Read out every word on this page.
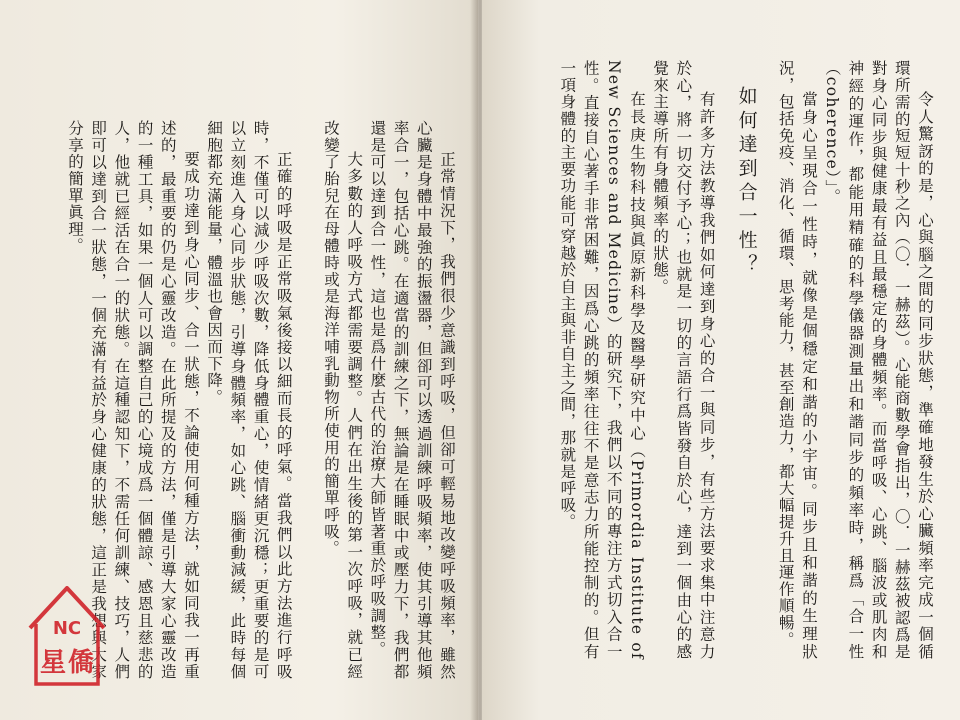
正常情況下，我們很少意識到呼吸，但卻可輕易地改變呼吸頻率，雖然心臟是身體中最強的振盪器，但卻可以透過訓練呼吸頻率，使其引導其他頻率合一，包括心跳。在適當的訓練之下，無論是在睡眠中或壓力下，我們都還是可以達到合一性，這也是爲什麼古代的治療大師皆著重於呼吸調整。

大多數的人呼吸方式都需要調整。人們在出生後的第一次呼吸，就已經改變了胎兒在母體時或是海洋哺乳動物所使用的簡單呼吸。

正確的呼吸是正常吸氣後接以細而長的呼氣。當我們以此方法進行呼吸時，不僅可以減少呼吸次數，降低身體重心，使情緒更沉穩；更重要的是可以立刻進入身心同步狀態，引導身體頻率，如心跳、腦衝動減緩，此時每個細胞都充滿能量，體溫也會因而下降。

要成功達到身心同步、合一狀態，不論使用何種方法，就如同我一再重述的，最重要的仍是心靈改造。在此所提及的方法，僅是引導大家心靈改造的一種工具，如果一個人可以調整自己的心境成爲一個體諒、感恩且慈悲的人，他就已經活在合一的狀態。在這種認知下，不需任何訓練、技巧，人們即可以達到合一狀態，一個充滿有益於身心健康的狀態，這正是我想與大家分享的簡單眞理。

NC
星僑

令人驚訝的是，心與腦之間的同步狀態，準確地發生於心臟頻率完成一個循環所需的短短十秒之內（〇．一赫茲）。心能商數學會指出，〇．一赫茲被認爲是對身心同步與健康最有益且最穩定的身體頻率。而當呼吸、心跳、腦波或肌肉和神經的運作，都能用精確的科學儀器測量出和諧同步的頻率時，稱爲「合一性（coherence）」。

當身心呈現合一性時，就像是個穩定和諧的小宇宙。同步且和諧的生理狀況，包括免疫、消化、循環、思考能力，甚至創造力，都大幅提升且運作順暢。

如何達到合一性？

有許多方法教導我們如何達到身心的合一與同步，有些方法要求集中注意力於心，將一切交付予心；也就是一切的言語行爲皆發自於心，達到一個由心的感覺來主導所有身體頻率的狀態。

在長庚生物科技與眞原新科學及醫學研究中心（Primordia Institute of New Sciences and Medicine）的研究下，我們以不同的專注方式切入合一性。直接自心著手非常困難，因爲心跳的頻率往往不是意志力所能控制的。但有一項身體的主要功能可穿越於自主與非自主之間，那就是呼吸。
